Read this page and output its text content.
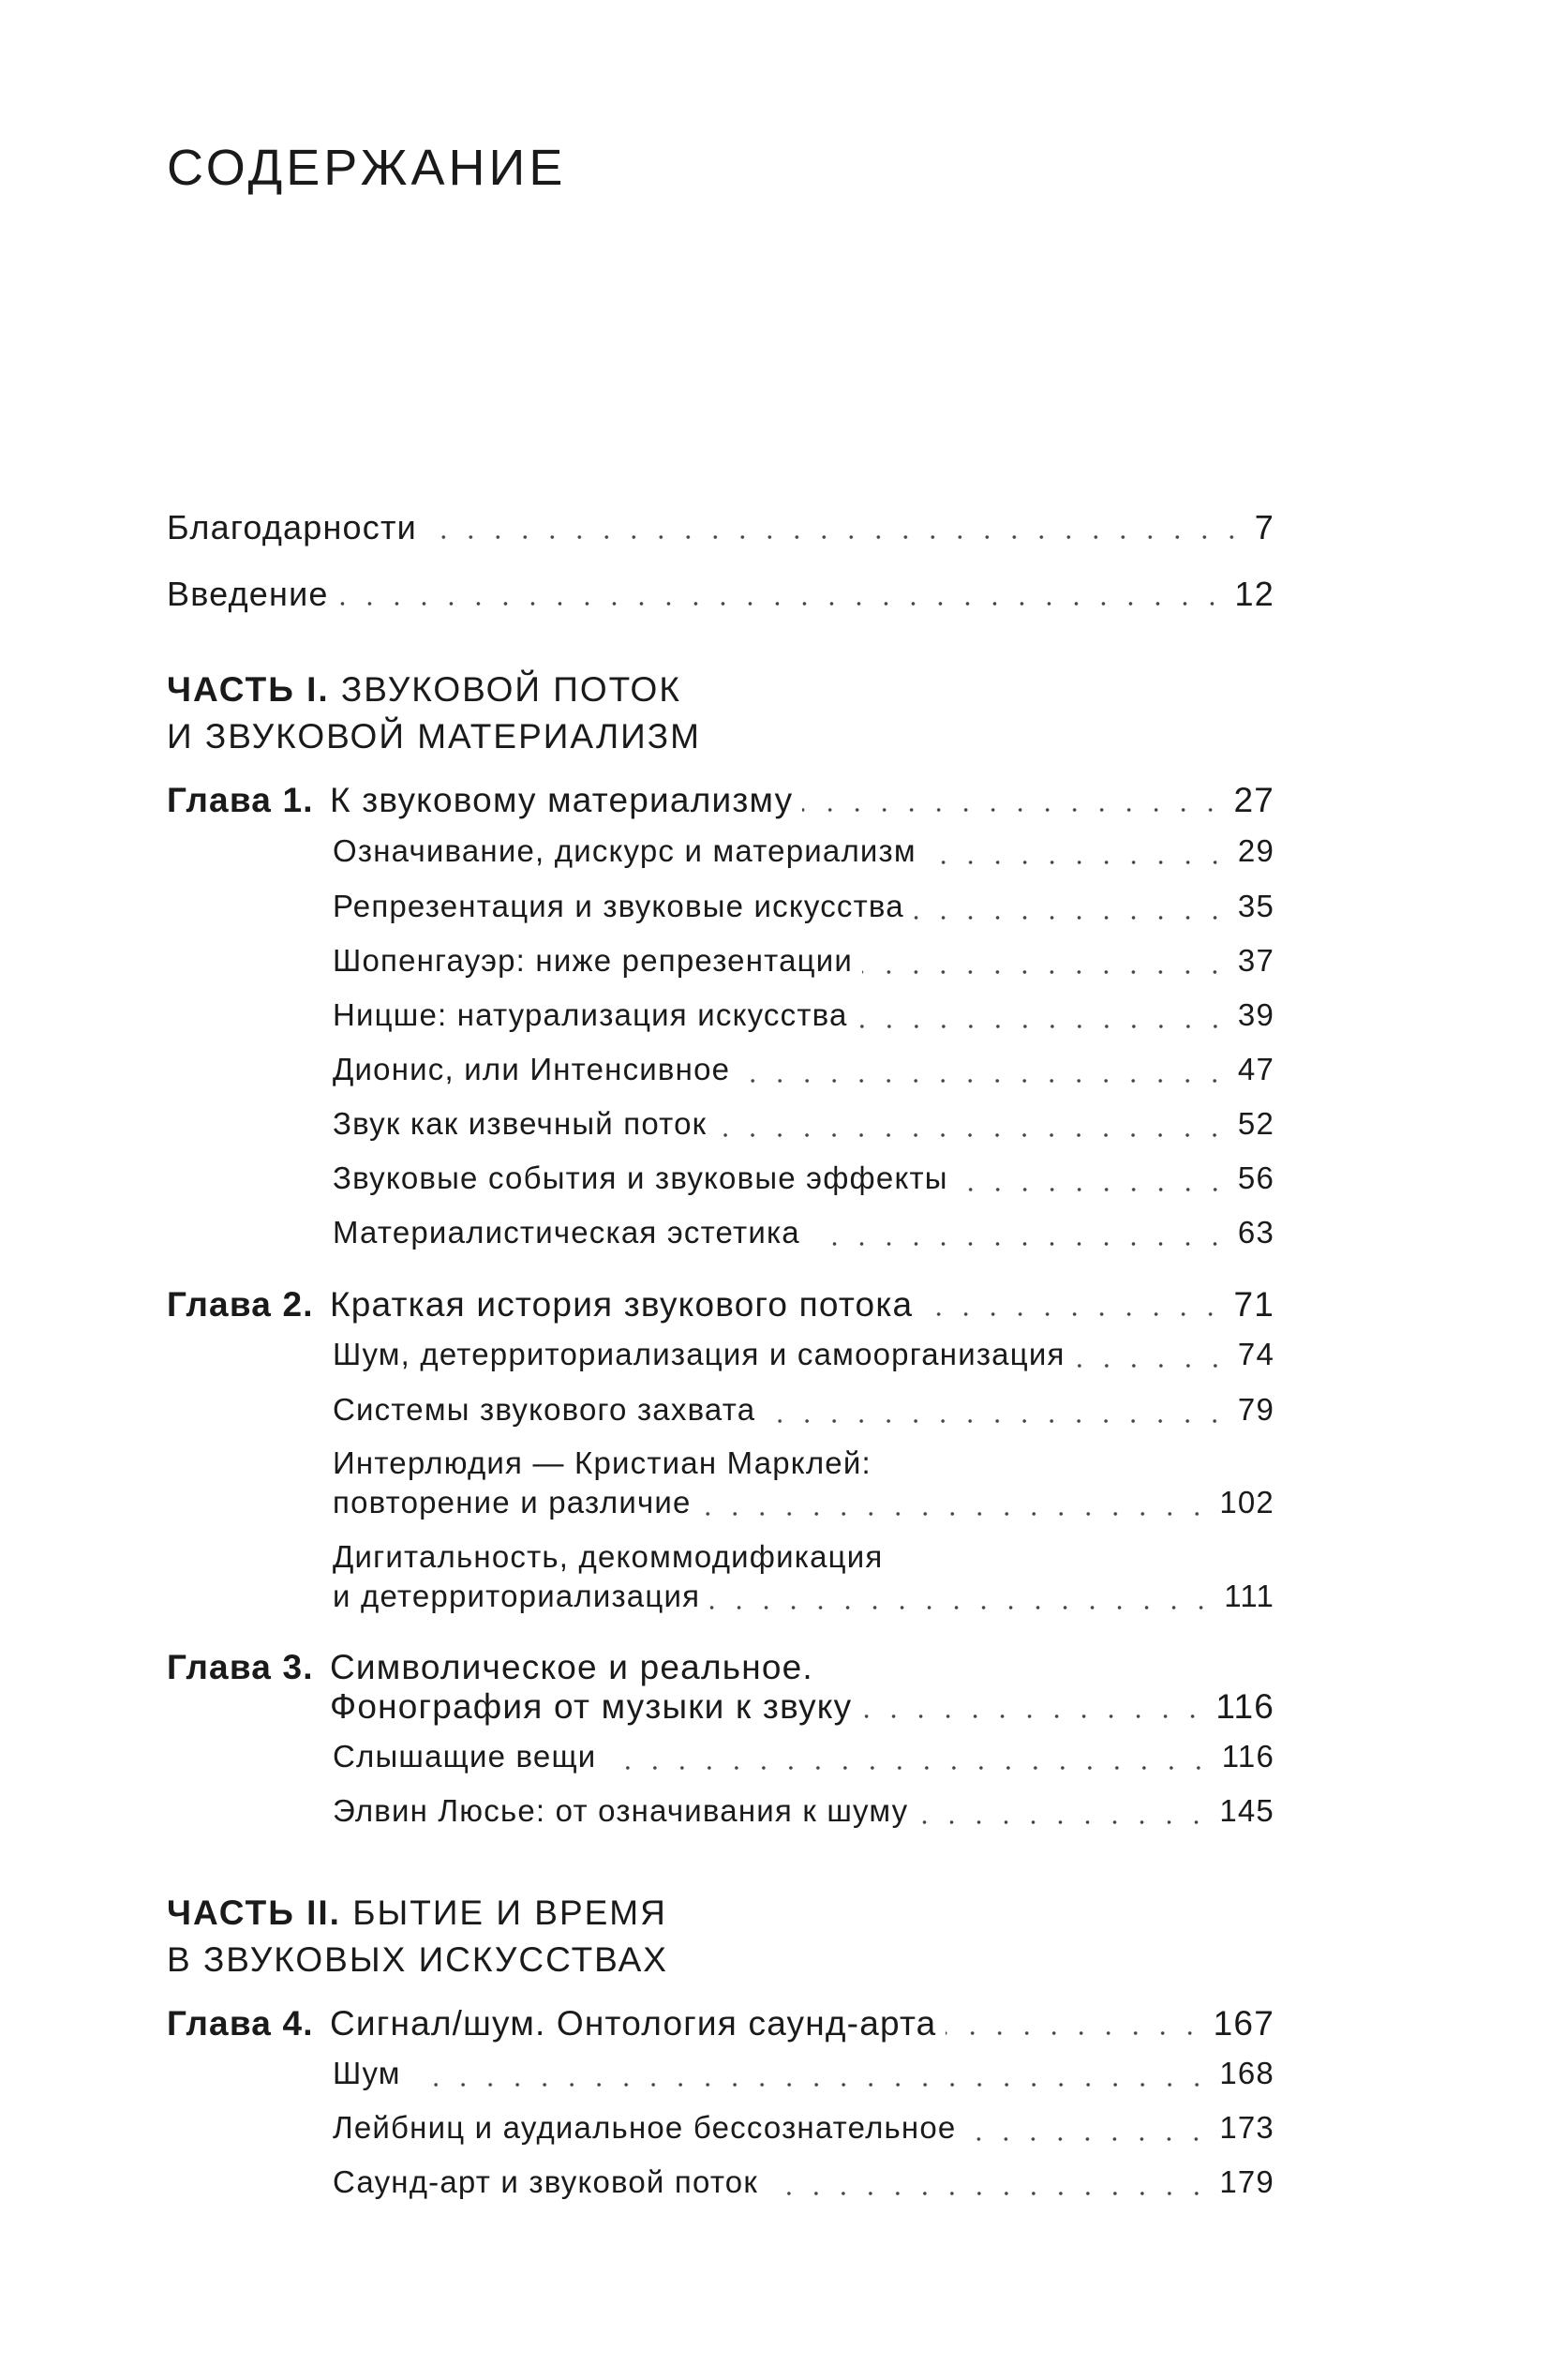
СОДЕРЖАНИЕ
Благодарности	7
Введение	12
ЧАСТЬ I.
ЗВУКОВОЙ ПОТОК
И ЗВУКОВОЙ МАТЕРИАЛИЗМ
Глава 1. К звуковому материализму	27
Означивание, дискурс и материализм	29
Репрезентация и звуковые искусства	35
Шопенгауэр: ниже репрезентации	37
Ницше: натурализация искусства	39
Дионис, или Интенсивное	47
Звук как извечный поток	52
Звуковые события и звуковые эффекты	56
Материалистическая эстетика	63
Глава 2. Краткая история звукового потока	71
Шум, детерриториализация и самоорганизация	74
Системы звукового захвата	79
Интерлюдия — Кристиан Марклей:
повторение и различие	102
Дигитальность, декоммодификация
и детерриториализация	111
Глава 3. Символическое и реальное.
Фонография от музыки к звуку	116
Слышащие вещи	116
Элвин Люсье: от означивания к шуму	145
ЧАСТЬ II.
БЫТИЕ И ВРЕМЯ
В ЗВУКОВЫХ ИСКУССТВАХ
Глава 4. Сигнал/шум. Онтология саунд-арта	167
Шум	168
Лейбниц и аудиальное бессознательное	173
Саунд-арт и звуковой поток	179
